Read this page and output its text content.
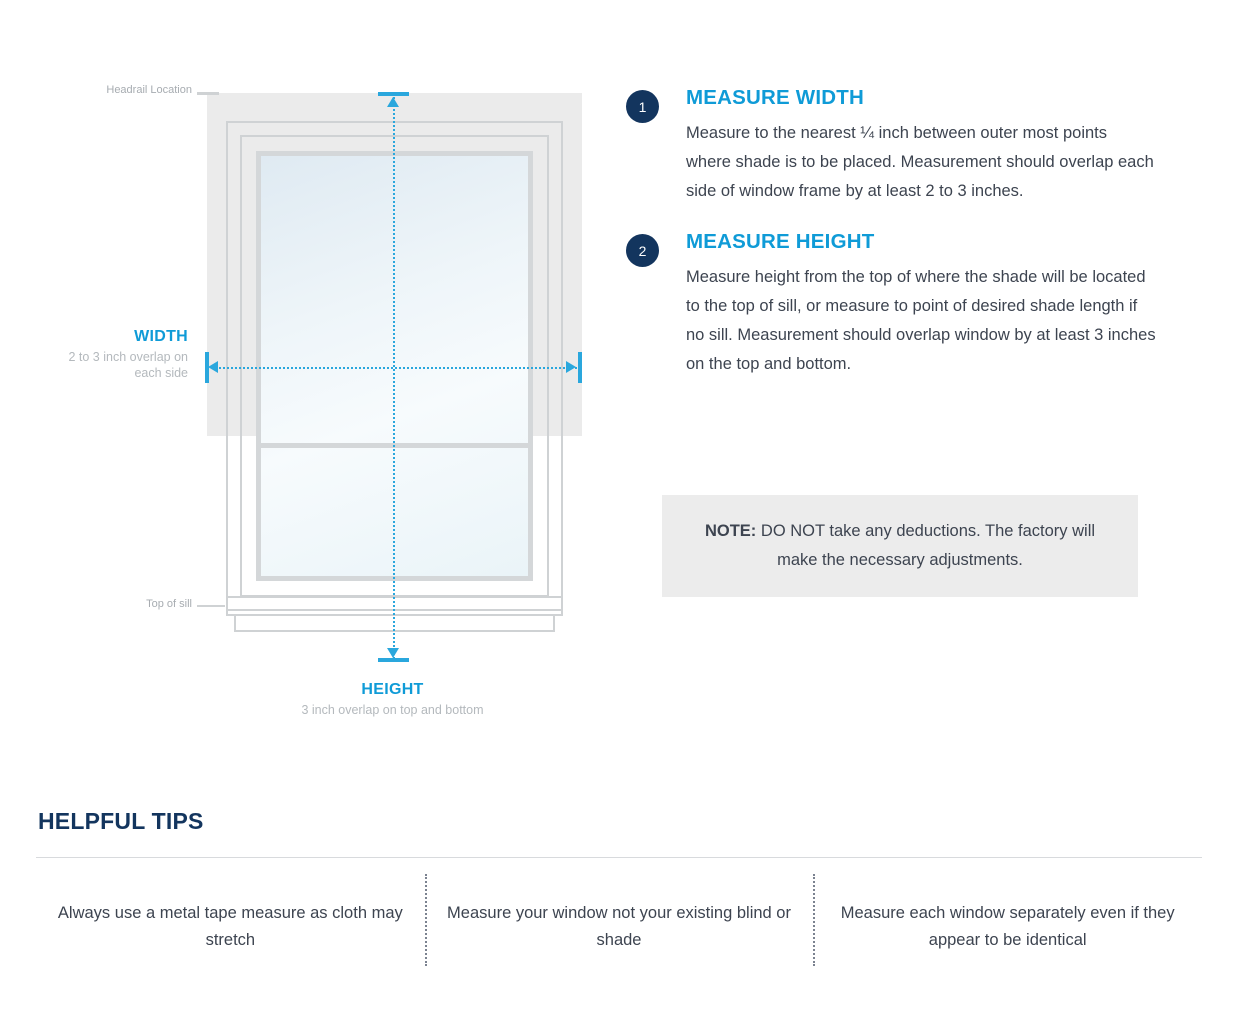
Headrail Location
Top of sill
WIDTH
2 to 3 inch overlap on each side
HEIGHT
3 inch overlap on top and bottom
1	MEASURE WIDTH
Measure to the nearest ¼ inch between outer most points where shade is to be placed. Measurement should overlap each side of window frame by at least 2 to 3 inches.
2	MEASURE HEIGHT
Measure height from the top of where the shade will be located to the top of sill, or measure to point of desired shade length if no sill. Measurement should overlap window by at least 3 inches on the top and bottom.
NOTE: DO NOT take any deductions. The factory will make the necessary adjustments.
HELPFUL TIPS
Always use a metal tape measure as cloth may stretch
Measure your window not your existing blind or shade
Measure each window separately even if they appear to be identical
